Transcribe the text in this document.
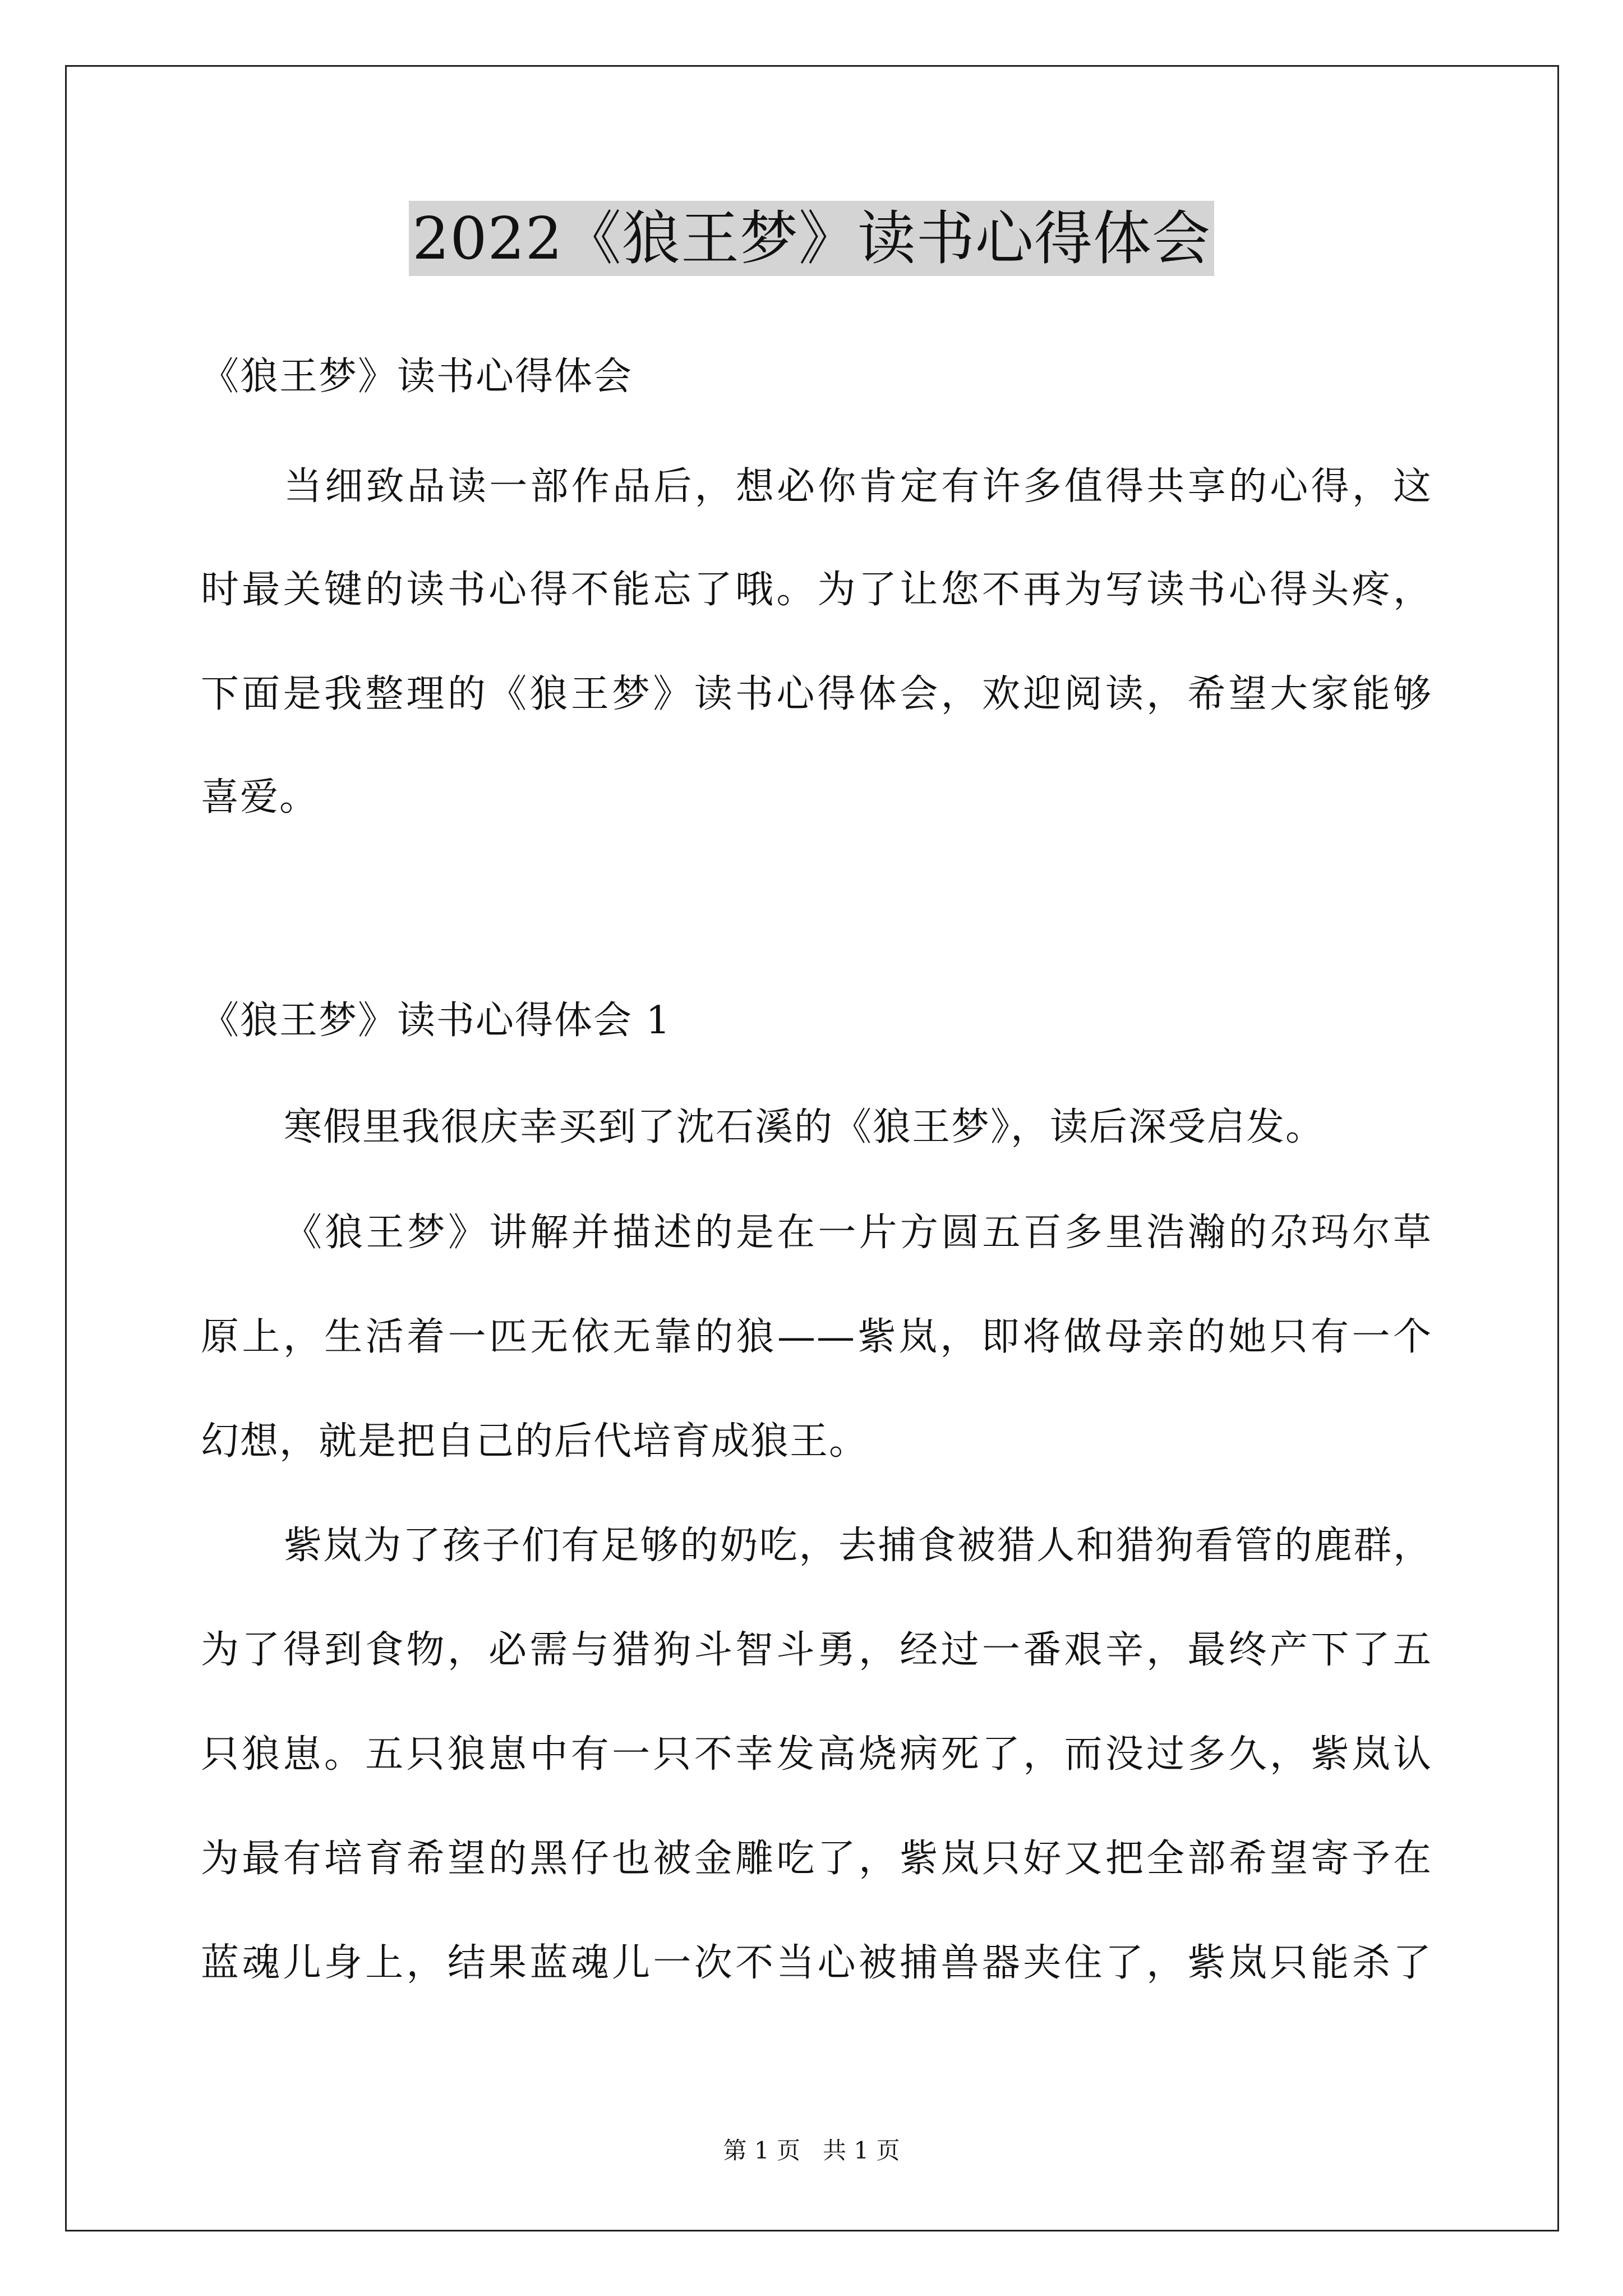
2022《狼王梦》读书心得体会
《狼王梦》读书心得体会
当细致品读一部作品后，想必你肯定有许多值得共享的心得，这
时最关键的读书心得不能忘了哦。为了让您不再为写读书心得头疼，
下面是我整理的《狼王梦》读书心得体会，欢迎阅读，希望大家能够
喜爱。
《狼王梦》读书心得体会 1
寒假里我很庆幸买到了沈石溪的《狼王梦》，读后深受启发。
《狼王梦》讲解并描述的是在一片方圆五百多里浩瀚的尕玛尔草
原上，生活着一匹无依无靠的狼——紫岚，即将做母亲的她只有一个
幻想，就是把自己的后代培育成狼王。
紫岚为了孩子们有足够的奶吃，去捕食被猎人和猎狗看管的鹿群，
为了得到食物，必需与猎狗斗智斗勇，经过一番艰辛，最终产下了五
只狼崽。五只狼崽中有一只不幸发高烧病死了，而没过多久，紫岚认
为最有培育希望的黑仔也被金雕吃了，紫岚只好又把全部希望寄予在
蓝魂儿身上，结果蓝魂儿一次不当心被捕兽器夹住了，紫岚只能杀了
第 1 页   共 1 页
